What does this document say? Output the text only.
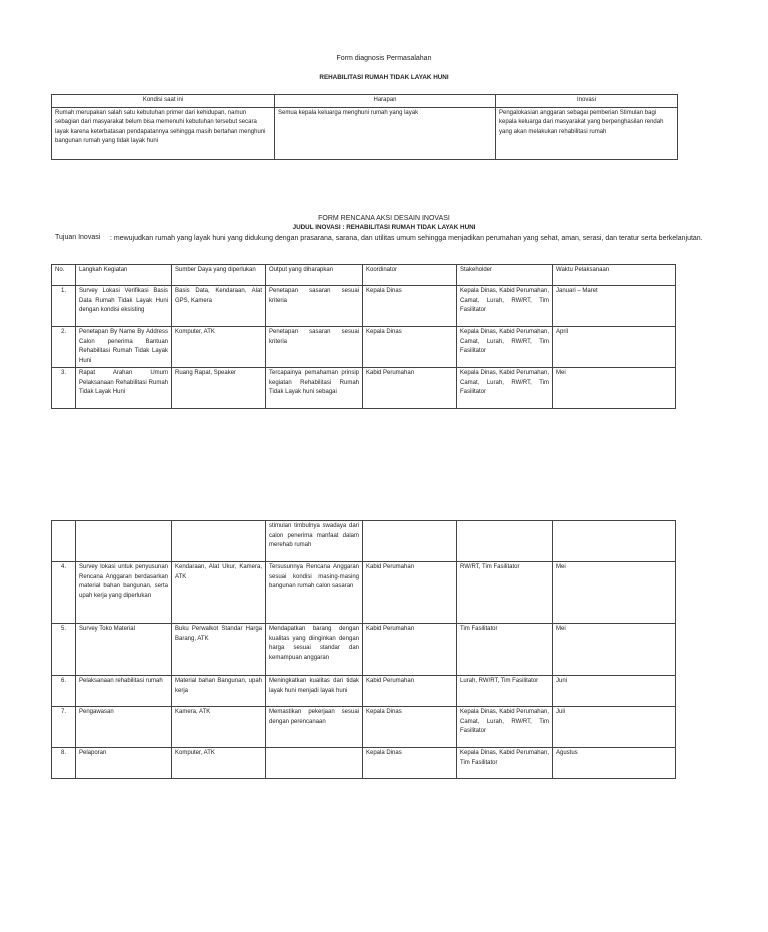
Form diagnosis Permasalahan
REHABILITASI RUMAH TIDAK LAYAK HUNI
Kondisi saat ini	Harapan	Inovasi
Rumah merupakan salah satu kebutuhan primer dari kehidupan, namun sebagian dari masyarakat belum bisa memenuhi kebutuhan tersebut secara layak karena keterbatasan pendapatannya sehingga masih bertahan menghuni bangunan rumah yang tidak layak huni	Semua kepala keluarga menghuni rumah yang layak	Pengalokasian anggaran sebagai pemberian Stimulan bagi kepala keluarga dari masyarakat yang berpenghasilan rendah yang akan melakukan rehabilitasi rumah
FORM RENCANA AKSI DESAIN INOVASI
JUDUL INOVASI : REHABILITASI RUMAH TIDAK LAYAK HUNI
Tujuan Inovasi	: mewujudkan rumah yang layak huni yang didukung dengan prasarana, sarana, dan utilitas umum sehingga menjadikan perumahan yang sehat, aman, serasi, dan teratur serta berkelanjutan.
No.	Langkah Kegiatan	Sumber Daya yang diperlukan	Output yang diharapkan	Koordinator	Stakeholder	Waktu Pelaksanaan
1.	Survey Lokasi Verifikasi Basis Data Rumah Tidak Layak Huni dengan kondisi eksisting	Basis Data, Kendaraan, Alat GPS, Kamera	Penetapan sasaran sesuai kriteria	Kepala Dinas	Kepala Dinas, Kabid Perumahan, Camat, Lurah, RW/RT, Tim Fasilitator	Januari – Maret
2.	Penetapan By Name By Address Calon penerima Bantuan Rehabilitasi Rumah Tidak Layak Huni	Komputer, ATK	Penetapan sasaran sesuai kriteria	Kepala Dinas	Kepala Dinas, Kabid Perumahan, Camat, Lurah, RW/RT, Tim Fasilitator	April
3.	Rapat Arahan Umum Pelaksanaan Rehabilitasi Rumah Tidak Layak Huni	Ruang Rapat, Speaker	Tercapainya pemahaman prinsip kegiatan Rehabilitasi Rumah Tidak Layak huni sebagai	Kabid Perumahan	Kepala Dinas, Kabid Perumahan, Camat, Lurah, RW/RT, Tim Fasilitator	Mei
			stimulan timbulnya swadaya dari calon penerima manfaat dalam merehab rumah			
4.	Survey lokasi untuk penyusunan Rencana Anggaran berdasarkan material bahan bangunan, serta upah kerja yang diperlukan	Kendaraan, Alat Ukur, Kamera, ATK	Tersusunnya Rencana Anggaran sesuai kondisi masing-masing bangunan rumah calon sasaran	Kabid Perumahan	RW/RT, Tim Fasilitator	Mei
5.	Survey Toko Material	Buku Perwalkot Standar Harga Barang, ATK	Mendapatkan barang dengan kualitas yang diinginkan dengan harga sesuai standar dan kemampuan anggaran	Kabid Perumahan	Tim Fasilitator	Mei
6.	Pelaksanaan rehabilitasi rumah	Material bahan Bangunan, upah kerja	Meningkatkan kualitas dari tidak layak huni menjadi layak huni	Kabid Perumahan	Lurah, RW/RT, Tim Fasilitator	Juni
7.	Pengawasan	Kamera, ATK	Memastikan pekerjaan sesuai dengan perencanaan	Kepala Dinas	Kepala Dinas, Kabid Perumahan, Camat, Lurah, RW/RT, Tim Fasilitator	Juli
8.	Pelaporan	Komputer, ATK		Kepala Dinas	Kepala Dinas, Kabid Perumahan, Tim Fasilitator	Agustus
